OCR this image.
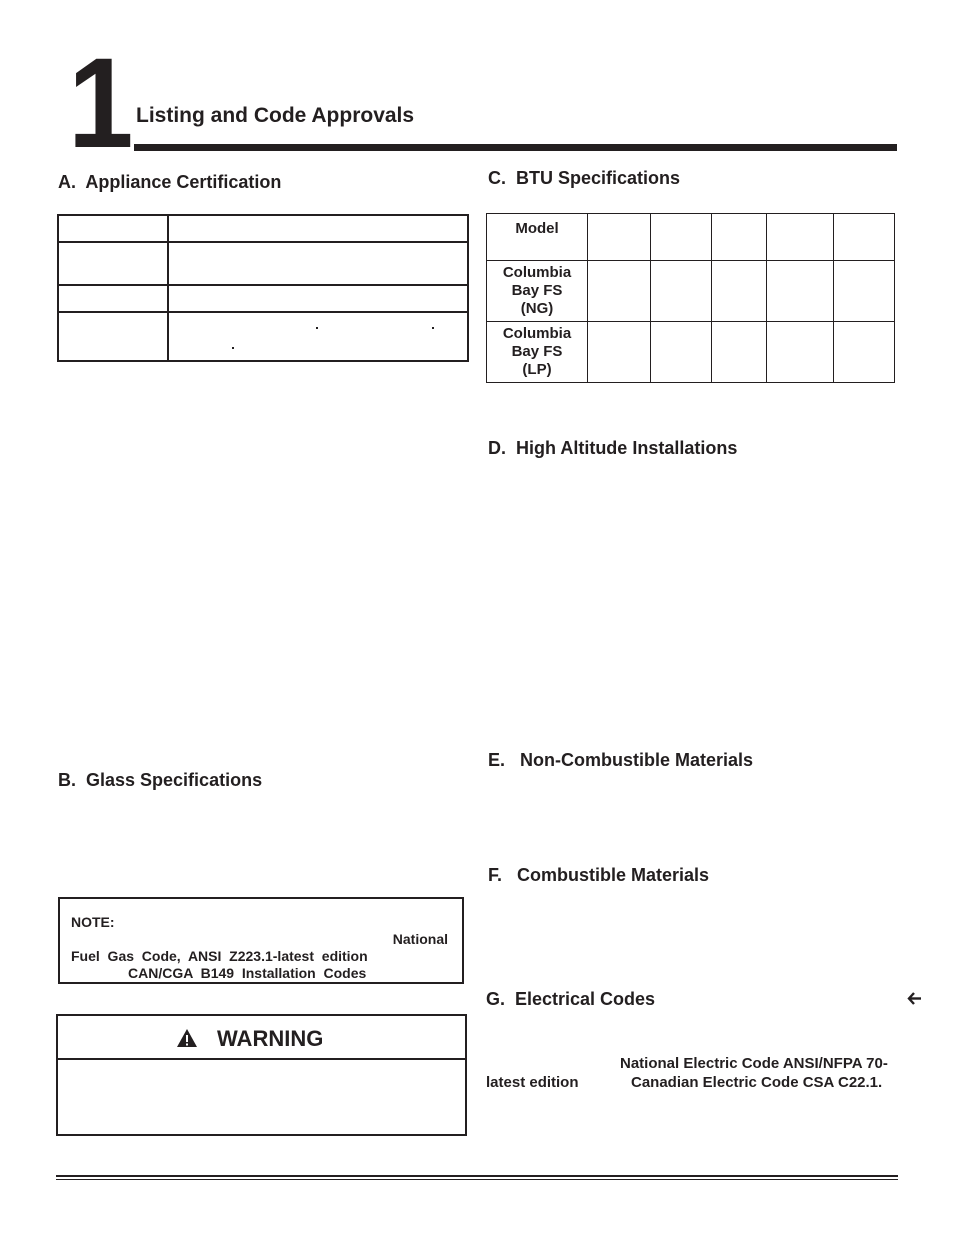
1 Listing and Code Approvals
A.  Appliance Certification

B.  Glass Specifications
NOTE:
National
Fuel  Gas  Code,  ANSI  Z223.1-latest  edition
CAN/CGA  B149  Installation  Codes
WARNING
C.  BTU Specifications
Model					

Columbia
Bay FS
(NG)					

Columbia
Bay FS
(LP)					

D.  High Altitude Installations
E.   Non-Combustible Materials
F.   Combustible Materials
G.  Electrical Codes
National Electric Code ANSI/NFPA 70-
latest edition	Canadian Electric Code CSA C22.1.
